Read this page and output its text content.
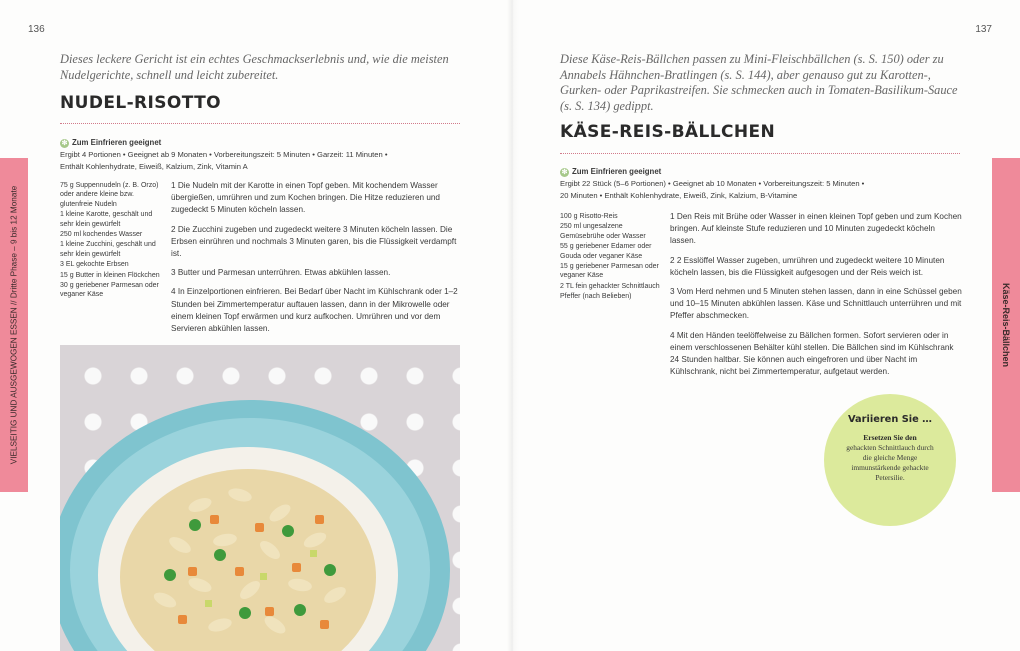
136	137
VIELSEITIG UND AUSGEWOGEN ESSEN // Dritte Phase – 9 bis 12 Monate
Dieses leckere Gericht ist ein echtes Geschmackserlebnis und, wie die meisten Nudelgerichte, schnell und leicht zubereitet.
NUDEL-RISOTTO
✻ Zum Einfrieren geeignet
Ergibt 4 Portionen • Geeignet ab 9 Monaten • Vorbereitungszeit: 5 Minuten • Garzeit: 11 Minuten •
Enthält Kohlenhydrate, Eiweiß, Kalzium, Zink, Vitamin A
75 g Suppennudeln (z. B. Orzo) oder andere kleine bzw. glutenfreie Nudeln
1 kleine Karotte, geschält und sehr klein gewürfelt
250 ml kochendes Wasser
1 kleine Zucchini, geschält und sehr klein gewürfelt
3 EL gekochte Erbsen
15 g Butter in kleinen Flöckchen
30 g geriebener Parmesan oder veganer Käse

1 Die Nudeln mit der Karotte in einen Topf geben. Mit kochendem Wasser übergießen, umrühren und zum Kochen bringen. Die Hitze reduzieren und zugedeckt 5 Minuten köcheln lassen.

2 Die Zucchini zugeben und zugedeckt weitere 3 Minuten köcheln lassen. Die Erbsen einrühren und nochmals 3 Minuten garen, bis die Flüssigkeit verdampft ist.

3 Butter und Parmesan unterrühren. Etwas abkühlen lassen.

4 In Einzelportionen einfrieren. Bei Bedarf über Nacht im Kühlschrank oder 1–2 Stunden bei Zimmertemperatur auftauen lassen, dann in der Mikrowelle oder einem kleinen Topf erwärmen und kurz aufkochen. Umrühren und vor dem Servieren abkühlen lassen.

Diese Käse-Reis-Bällchen passen zu Mini-Fleischbällchen (s. S. 150) oder zu Annabels Hähnchen-Bratlingen (s. S. 144), aber genauso gut zu Karotten-, Gurken- oder Paprikastreifen. Sie schmecken auch in Tomaten-Basilikum-Sauce (s. S. 134) gedippt.
KÄSE-REIS-BÄLLCHEN
✻ Zum Einfrieren geeignet
Ergibt 22 Stück (5–6 Portionen) • Geeignet ab 10 Monaten • Vorbereitungszeit: 5 Minuten •
20 Minuten • Enthält Kohlenhydrate, Eiweiß, Zink, Kalzium, B-Vitamine
100 g Risotto-Reis
250 ml ungesalzene Gemüsebrühe oder Wasser
55 g geriebener Edamer oder Gouda oder veganer Käse
15 g geriebener Parmesan oder veganer Käse
2 TL fein gehackter Schnittlauch
Pfeffer (nach Belieben)

1 Den Reis mit Brühe oder Wasser in einen kleinen Topf geben und zum Kochen bringen. Auf kleinste Stufe reduzieren und 10 Minuten zugedeckt köcheln lassen.

2 2 Esslöffel Wasser zugeben, umrühren und zugedeckt weitere 10 Minuten köcheln lassen, bis die Flüssigkeit aufgesogen und der Reis weich ist.

3 Vom Herd nehmen und 5 Minuten stehen lassen, dann in eine Schüssel geben und 10–15 Minuten abkühlen lassen. Käse und Schnittlauch unterrühren und mit Pfeffer abschmecken.

4 Mit den Händen teelöffelweise zu Bällchen formen. Sofort servieren oder in einem verschlossenen Behälter kühl stellen. Die Bällchen sind im Kühlschrank 24 Stunden haltbar. Sie können auch eingefroren und über Nacht im Kühlschrank, nicht bei Zimmertemperatur, aufgetaut werden.

Variieren Sie …
Ersetzen Sie den
gehackten Schnittlauch durch die gleiche Menge immunstärkende gehackte Petersilie.
Käse-Reis-Bällchen
